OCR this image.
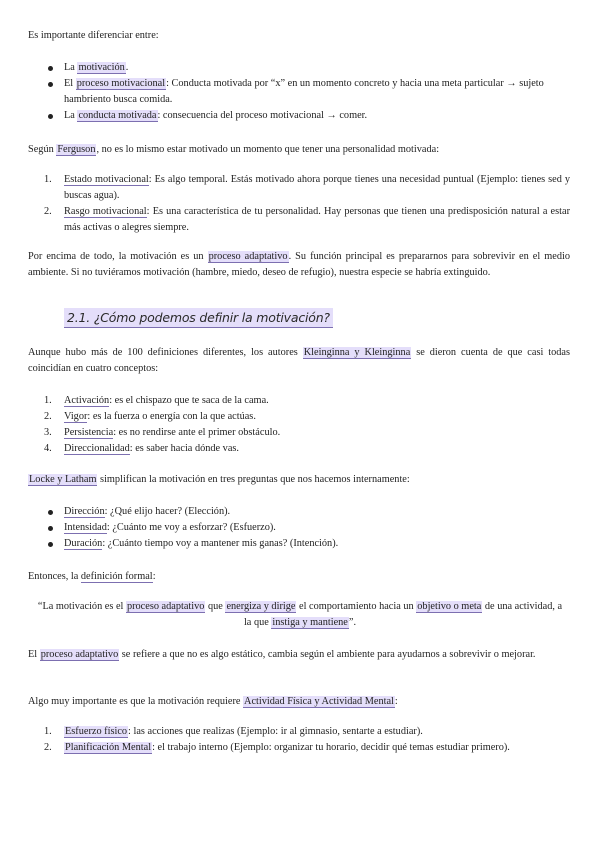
Es importante diferenciar entre:

La motivación.
El proceso motivacional: Conducta motivada por “x” en un momento concreto y hacia una meta particular → sujeto hambriento busca comida.
La conducta motivada: consecuencia del proceso motivacional → comer.

Según Ferguson, no es lo mismo estar motivado un momento que tener una personalidad motivada:

1. Estado motivacional: Es algo temporal. Estás motivado ahora porque tienes una necesidad puntual (Ejemplo: tienes sed y buscas agua).
2. Rasgo motivacional: Es una característica de tu personalidad. Hay personas que tienen una predisposición natural a estar más activas o alegres siempre.

Por encima de todo, la motivación es un proceso adaptativo. Su función principal es prepararnos para sobrevivir en el medio ambiente. Si no tuviéramos motivación (hambre, miedo, deseo de refugio), nuestra especie se habría extinguido.

2.1. ¿Cómo podemos definir la motivación?

Aunque hubo más de 100 definiciones diferentes, los autores Kleinginna y Kleinginna se dieron cuenta de que casi todas coincidían en cuatro conceptos:

1. Activación: es el chispazo que te saca de la cama.
2. Vigor: es la fuerza o energía con la que actúas.
3. Persistencia: es no rendirse ante el primer obstáculo.
4. Direccionalidad: es saber hacia dónde vas.

Locke y Latham simplifican la motivación en tres preguntas que nos hacemos internamente:

Dirección: ¿Qué elijo hacer? (Elección).
Intensidad: ¿Cuánto me voy a esforzar? (Esfuerzo).
Duración: ¿Cuánto tiempo voy a mantener mis ganas? (Intención).

Entonces, la definición formal:

“La motivación es el proceso adaptativo que energiza y dirige el comportamiento hacia un objetivo o meta de una actividad, a la que instiga y mantiene”.

El proceso adaptativo se refiere a que no es algo estático, cambia según el ambiente para ayudarnos a sobrevivir o mejorar.

Algo muy importante es que la motivación requiere Actividad Física y Actividad Mental:

1. Esfuerzo físico: las acciones que realizas (Ejemplo: ir al gimnasio, sentarte a estudiar).
2. Planificación Mental: el trabajo interno (Ejemplo: organizar tu horario, decidir qué temas estudiar primero).
